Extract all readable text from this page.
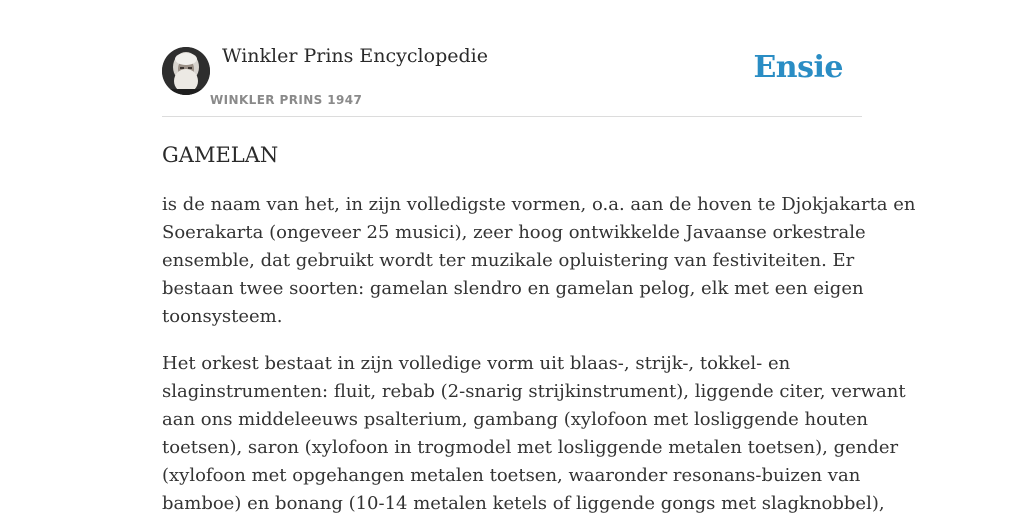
Winkler Prins Encyclopedie
WINKLER PRINS 1947
Ensie
GAMELAN

is de naam van het, in zijn volledigste vormen, o.a. aan de hoven te Djokjakarta en
Soerakarta (ongeveer 25 musici), zeer hoog ontwikkelde Javaanse orkestrale
ensemble, dat gebruikt wordt ter muzikale opluistering van festiviteiten. Er
bestaan twee soorten: gamelan slendro en gamelan pelog, elk met een eigen
toonsysteem.

Het orkest bestaat in zijn volledige vorm uit blaas-, strijk-, tokkel- en
slaginstrumenten: fluit, rebab (2-snarig strijkinstrument), liggende citer, verwant
aan ons middeleeuws psalterium, gambang (xylofoon met losliggende houten
toetsen), saron (xylofoon in trogmodel met losliggende metalen toetsen), gender
(xylofoon met opgehangen metalen toetsen, waaronder resonans-buizen van
bamboe) en bonang (10-14 metalen ketels of liggende gongs met slagknobbel),
